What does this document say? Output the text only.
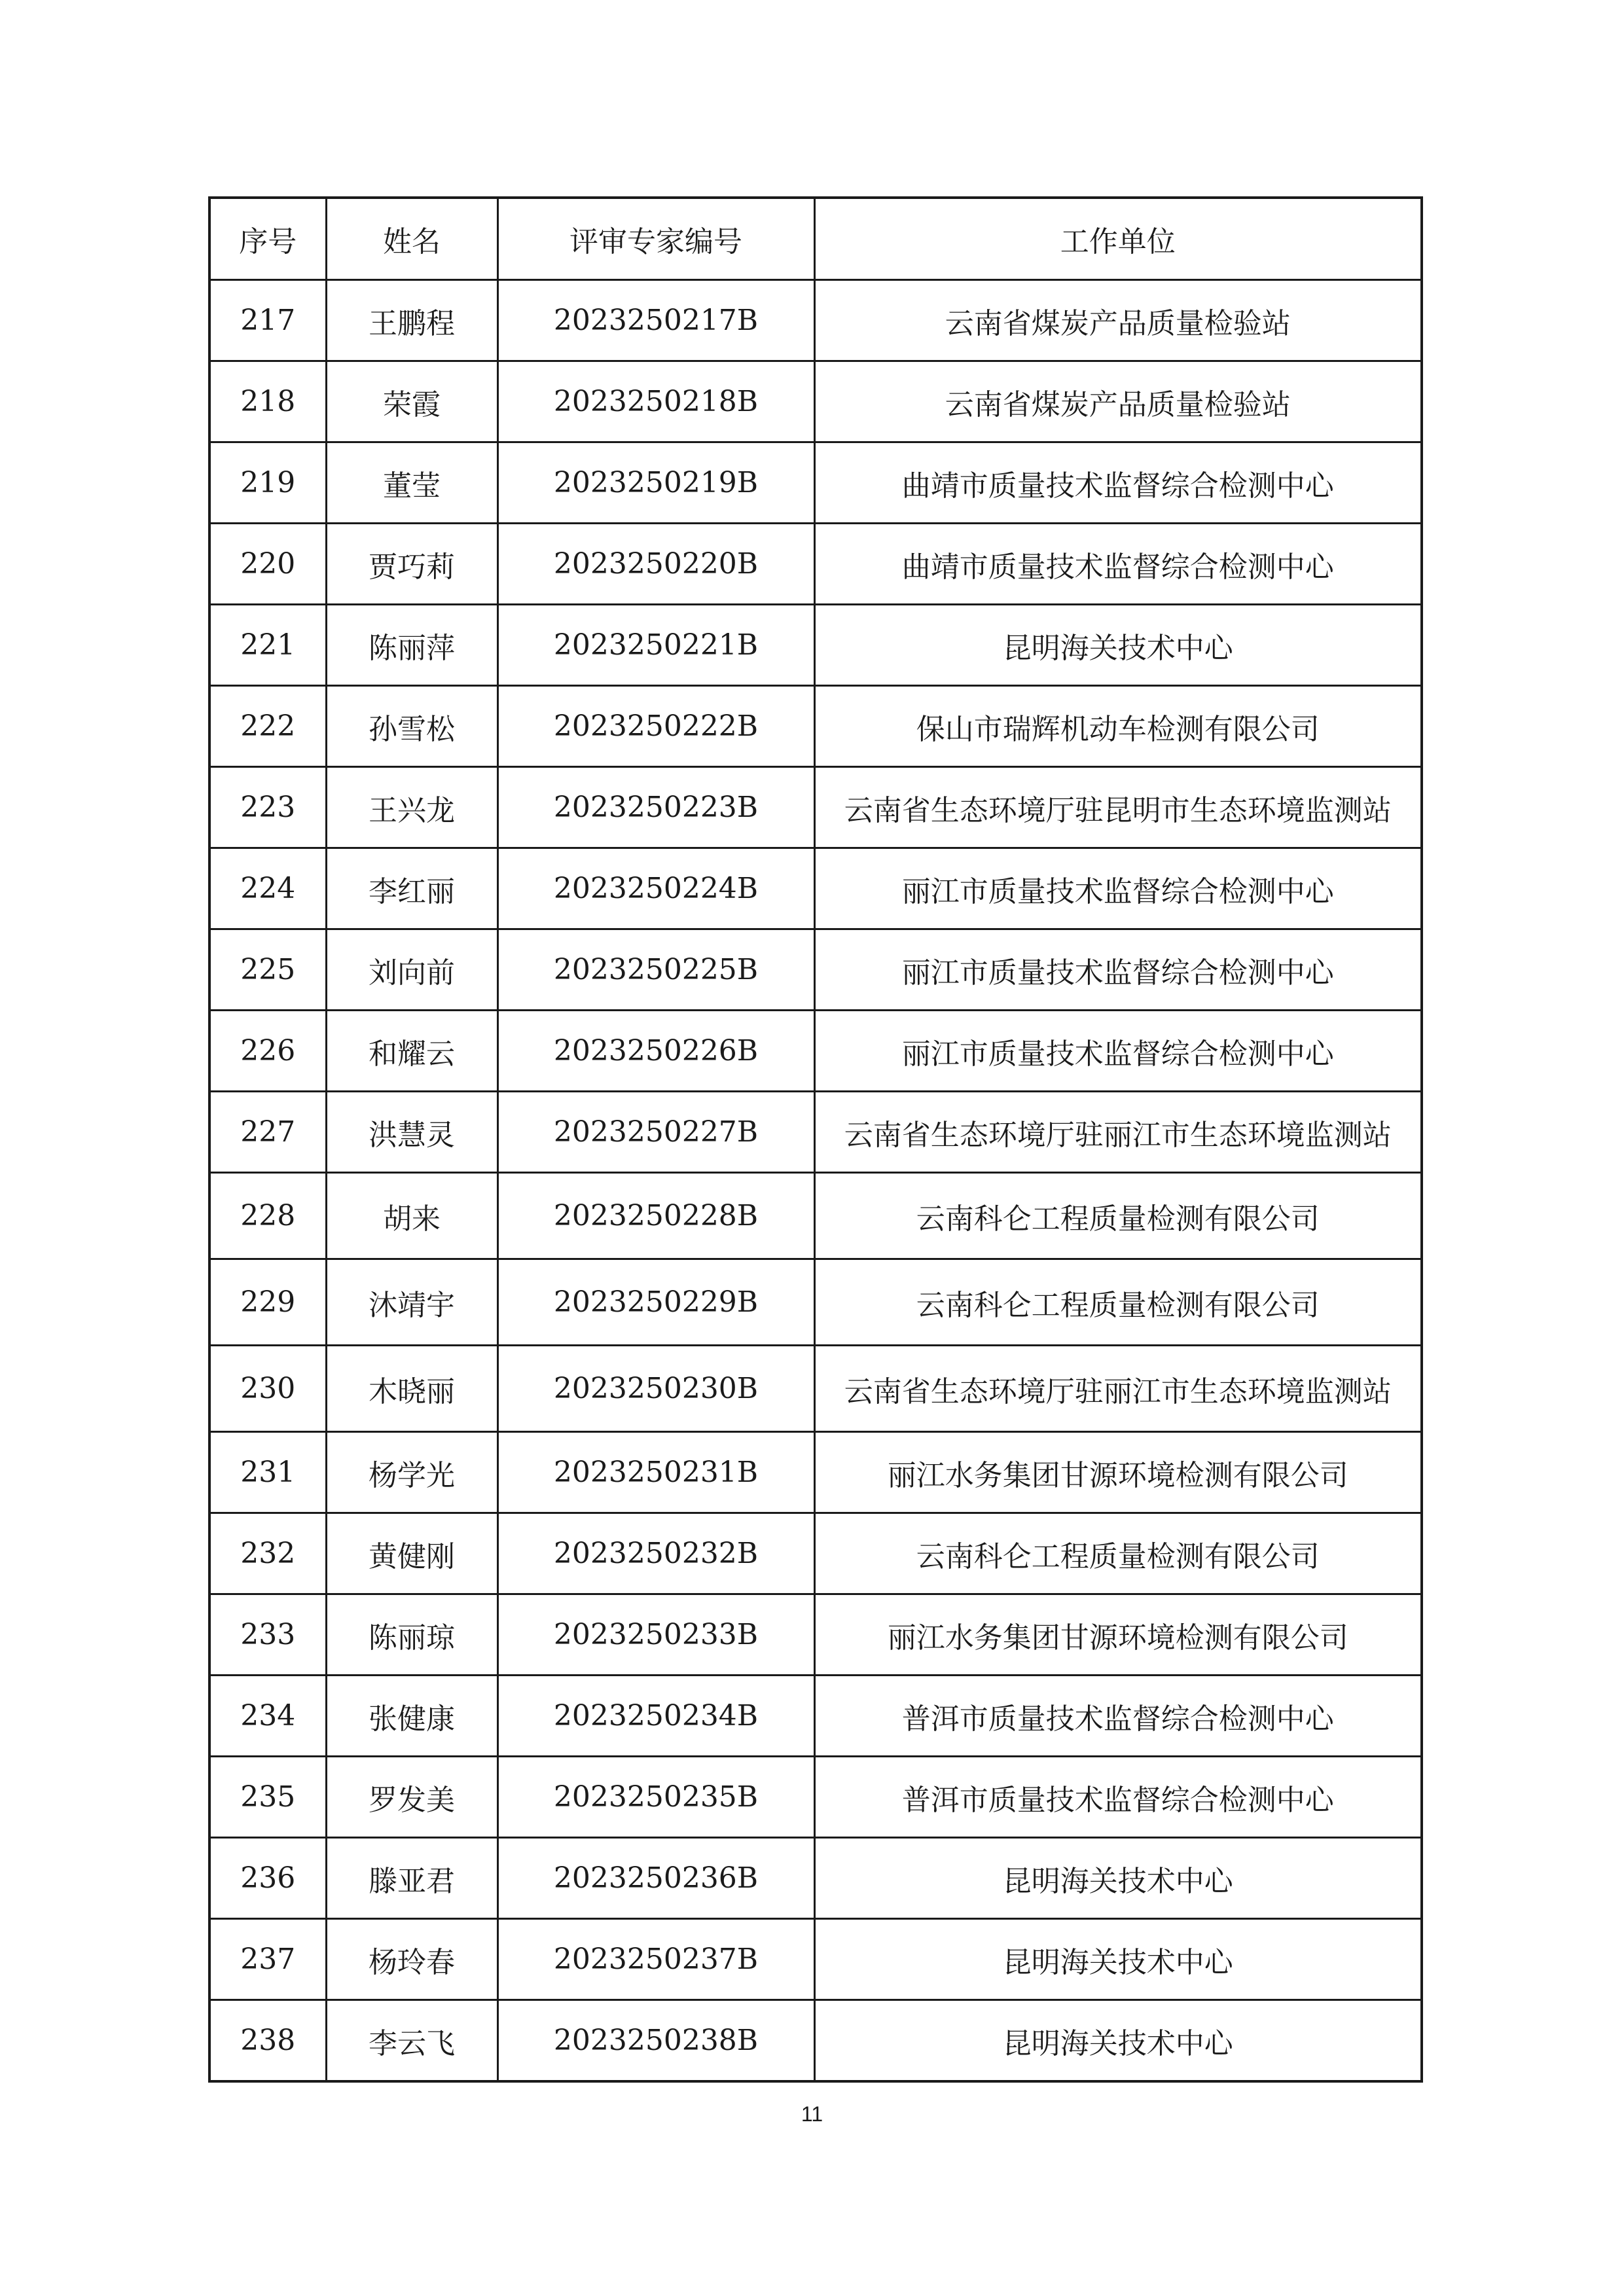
序号	姓名	评审专家编号	工作单位
217	王鹏程	2023250217B	云南省煤炭产品质量检验站
218	荣霞	2023250218B	云南省煤炭产品质量检验站
219	董莹	2023250219B	曲靖市质量技术监督综合检测中心
220	贾巧莉	2023250220B	曲靖市质量技术监督综合检测中心
221	陈丽萍	2023250221B	昆明海关技术中心
222	孙雪松	2023250222B	保山市瑞辉机动车检测有限公司
223	王兴龙	2023250223B	云南省生态环境厅驻昆明市生态环境监测站
224	李红丽	2023250224B	丽江市质量技术监督综合检测中心
225	刘向前	2023250225B	丽江市质量技术监督综合检测中心
226	和耀云	2023250226B	丽江市质量技术监督综合检测中心
227	洪慧灵	2023250227B	云南省生态环境厅驻丽江市生态环境监测站
228	胡来	2023250228B	云南科仑工程质量检测有限公司
229	沐靖宇	2023250229B	云南科仑工程质量检测有限公司
230	木晓丽	2023250230B	云南省生态环境厅驻丽江市生态环境监测站
231	杨学光	2023250231B	丽江水务集团甘源环境检测有限公司
232	黄健刚	2023250232B	云南科仑工程质量检测有限公司
233	陈丽琼	2023250233B	丽江水务集团甘源环境检测有限公司
234	张健康	2023250234B	普洱市质量技术监督综合检测中心
235	罗发美	2023250235B	普洱市质量技术监督综合检测中心
236	滕亚君	2023250236B	昆明海关技术中心
237	杨玲春	2023250237B	昆明海关技术中心
238	李云飞	2023250238B	昆明海关技术中心
11
